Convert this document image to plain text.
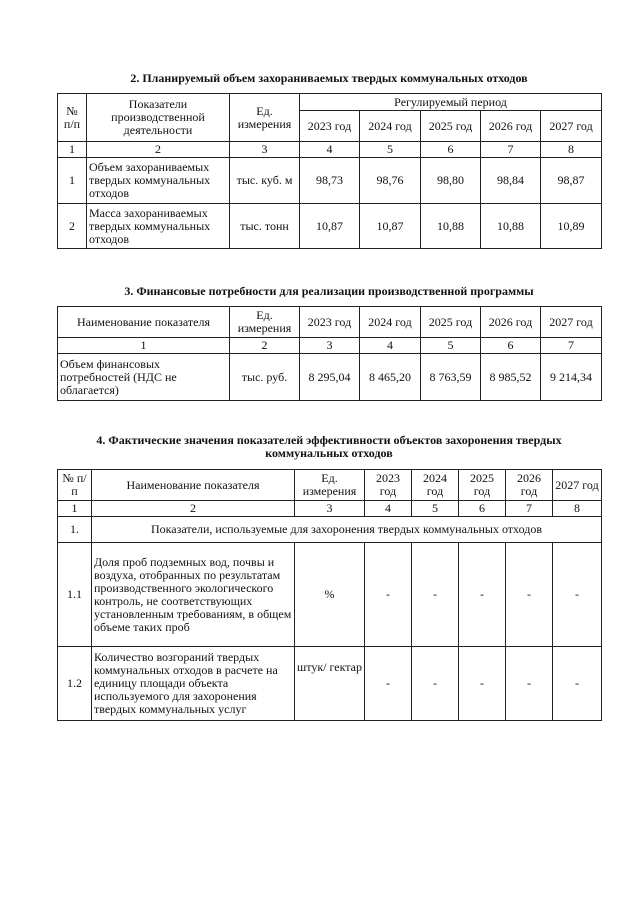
2. Планируемый объем захораниваемых твердых коммунальных отходов
№ п/п	Показатели производственной деятельности	Ед. измерения	Регулируемый период				
			2023 год	2024 год	2025 год	2026 год	2027 год
1	2	3	4	5	6	7	8
1	Объем захораниваемых твердых коммунальных отходов	тыс. куб. м	98,73	98,76	98,80	98,84	98,87
2	Масса захораниваемых твердых коммунальных отходов	тыс. тонн	10,87	10,87	10,88	10,88	10,89
3. Финансовые потребности для реализации производственной программы
Наименование показателя	Ед. измерения	2023 год	2024 год	2025 год	2026 год	2027 год
1	2	3	4	5	6	7
Объем финансовых потребностей (НДС не облагается)	тыс. руб.	8 295,04	8 465,20	8 763,59	8 985,52	9 214,34
4. Фактические значения показателей эффективности объектов захоронения твердых коммунальных отходов
№ п/п	Наименование показателя	Ед. измерения	2023 год	2024 год	2025 год	2026 год	2027 год
1	2	3	4	5	6	7	8
1.	Показатели, используемые для захоронения твердых коммунальных отходов						
1.1	Доля проб подземных вод, почвы и воздуха, отобранных по результатам производственного экологического контроль, не соответствующих установленным требованиям, в общем объеме таких проб	%	-	-	-	-	-
1.2	Количество возгораний твердых коммунальных отходов в расчете на единицу площади объекта используемого для захоронения твердых коммунальных услуг	штук/ гектар	-	-	-	-	-
